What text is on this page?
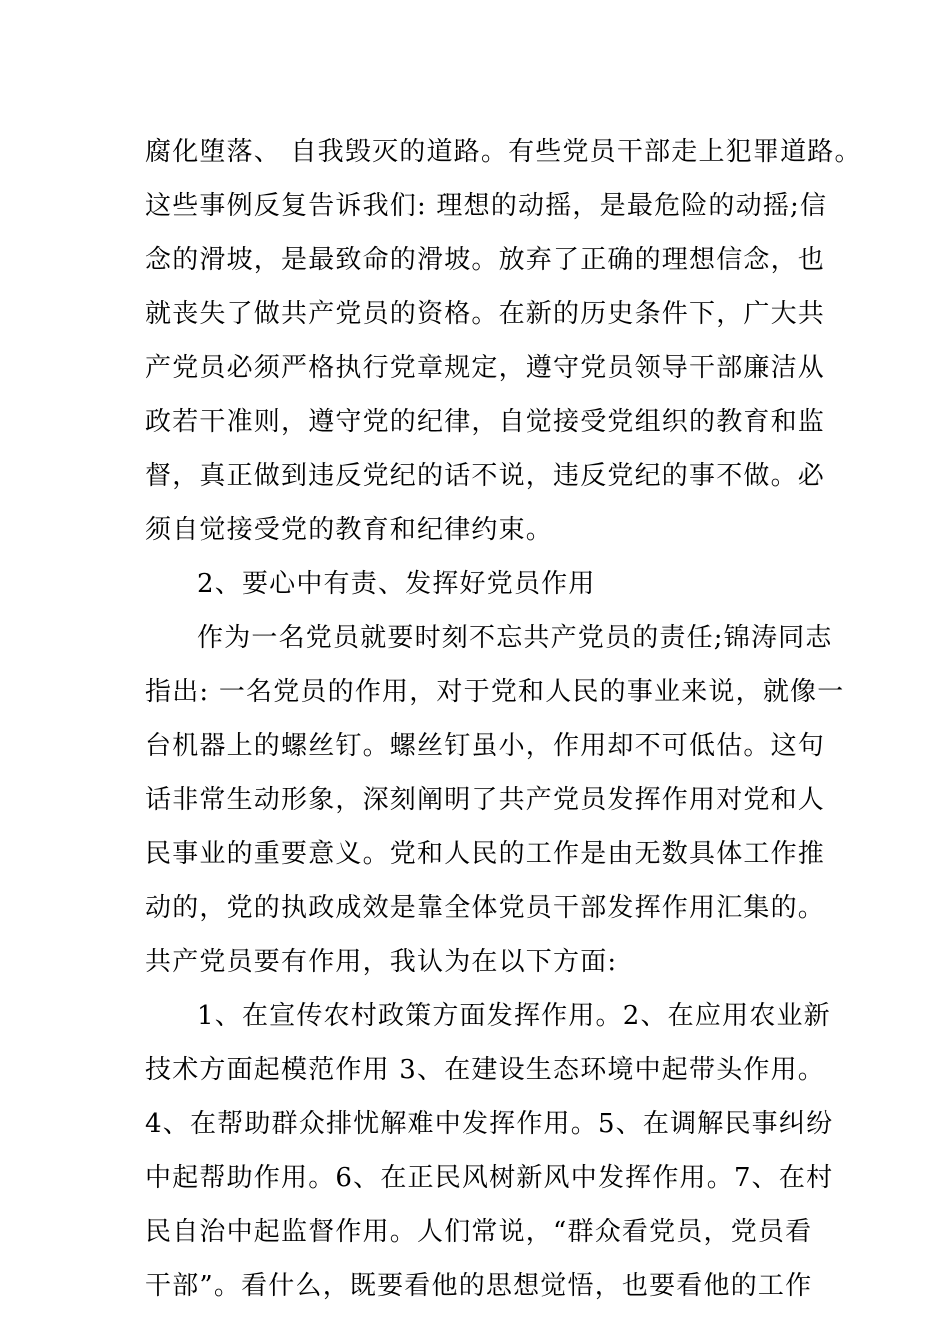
腐化堕落、 自我毁灭的道路。有些党员干部走上犯罪道路。
这些事例反复告诉我们: 理想的动摇，是最危险的动摇;信
念的滑坡，是最致命的滑坡。放弃了正确的理想信念，也
就丧失了做共产党员的资格。在新的历史条件下，广大共
产党员必须严格执行党章规定，遵守党员领导干部廉洁从
政若干准则，遵守党的纪律，自觉接受党组织的教育和监
督，真正做到违反党纪的话不说，违反党纪的事不做。必
须自觉接受党的教育和纪律约束。
2、要心中有责、发挥好党员作用
作为一名党员就要时刻不忘共产党员的责任;锦涛同志
指出: 一名党员的作用，对于党和人民的事业来说，就像一
台机器上的螺丝钉。螺丝钉虽小，作用却不可低估。这句
话非常生动形象，深刻阐明了共产党员发挥作用对党和人
民事业的重要意义。党和人民的工作是由无数具体工作推
动的，党的执政成效是靠全体党员干部发挥作用汇集的。
共产党员要有作用，我认为在以下方面:
1、在宣传农村政策方面发挥作用。2、在应用农业新
技术方面起模范作用 3、在建设生态环境中起带头作用。
4、在帮助群众排忧解难中发挥作用。5、在调解民事纠纷
中起帮助作用。6、在正民风树新风中发挥作用。7、在村
民自治中起监督作用。人们常说，“群众看党员，党员看
干部”。看什么，既要看他的思想觉悟，也要看他的工作
